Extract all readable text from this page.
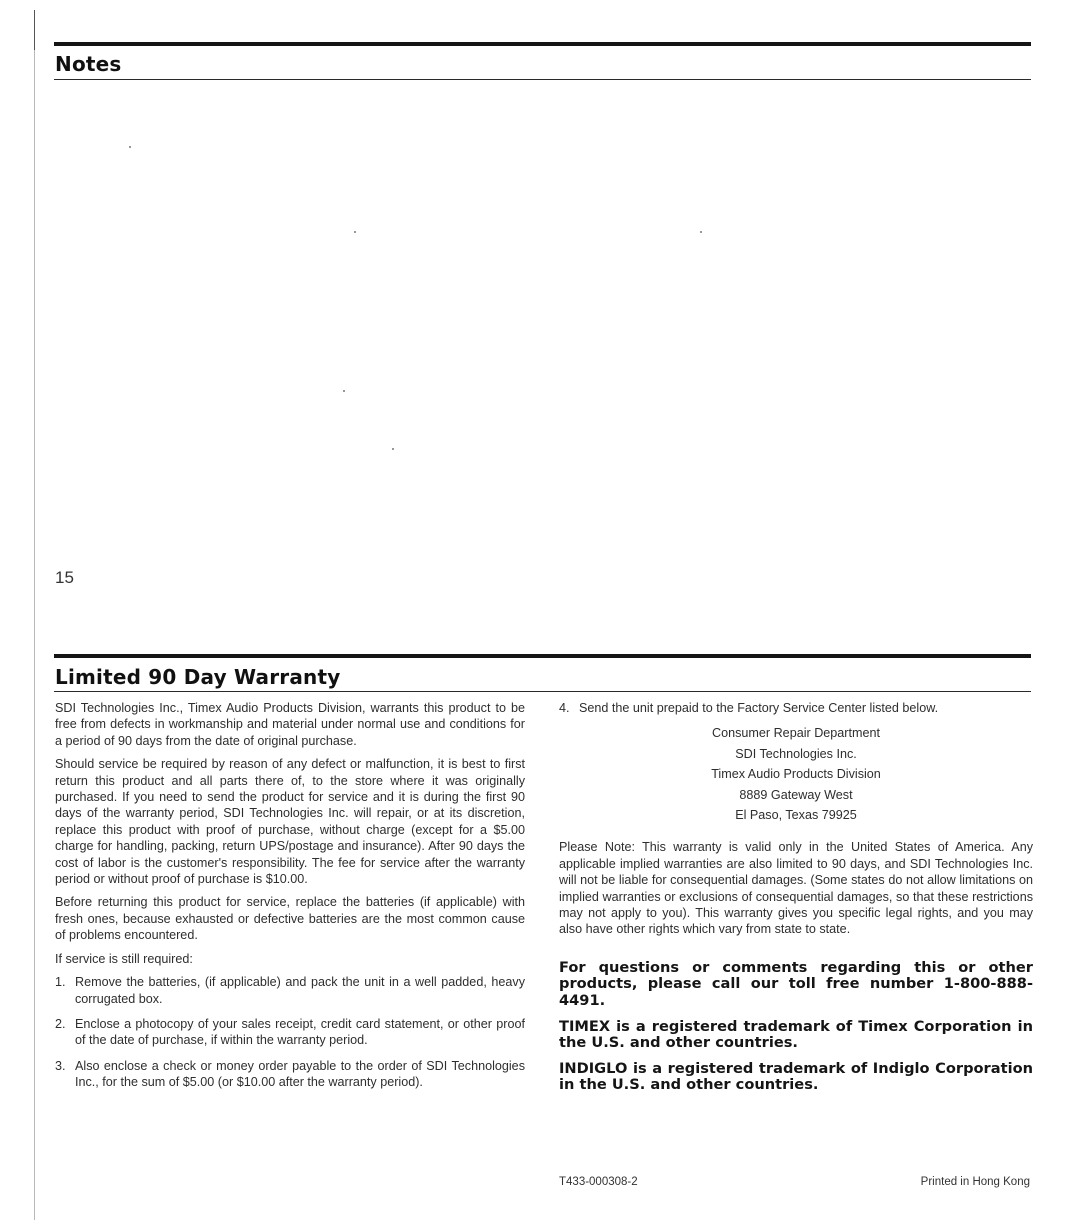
Notes
15
Limited 90 Day Warranty

SDI Technologies Inc., Timex Audio Products Division, warrants this product to be free from defects in workmanship and material under normal use and conditions for a period of 90 days from the date of original purchase.

Should service be required by reason of any defect or malfunction, it is best to first return this product and all parts there of, to the store where it was originally purchased. If you need to send the product for service and it is during the first 90 days of the warranty period, SDI Technologies Inc. will repair, or at its discretion, replace this product with proof of purchase, without charge (except for a $5.00 charge for handling, packing, return UPS/postage and insurance). After 90 days the cost of labor is the customer's responsibility. The fee for service after the warranty period or without proof of purchase is $10.00.

Before returning this product for service, replace the batteries (if applicable) with fresh ones, because exhausted or defective batteries are the most common cause of problems encountered.

If service is still required:

1. Remove the batteries, (if applicable) and pack the unit in a well padded, heavy corrugated box.
2. Enclose a photocopy of your sales receipt, credit card statement, or other proof of the date of purchase, if within the warranty period.
3. Also enclose a check or money order payable to the order of SDI Technologies Inc., for the sum of $5.00 (or $10.00 after the warranty period).
4. Send the unit prepaid to the Factory Service Center listed below.
Consumer Repair Department
SDI Technologies Inc.
Timex Audio Products Division
8889 Gateway West
El Paso, Texas 79925

Please Note: This warranty is valid only in the United States of America. Any applicable implied warranties are also limited to 90 days, and SDI Technologies Inc. will not be liable for consequential damages. (Some states do not allow limitations on implied warranties or exclusions of consequential damages, so that these restrictions may not apply to you). This warranty gives you specific legal rights, and you may also have other rights which vary from state to state.

For questions or comments regarding this or other products, please call our toll free number 1-800-888-4491.
TIMEX is a registered trademark of Timex Corporation in the U.S. and other countries.
INDIGLO is a registered trademark of Indiglo Corporation in the U.S. and other countries.
T433-000308-2	Printed in Hong Kong
